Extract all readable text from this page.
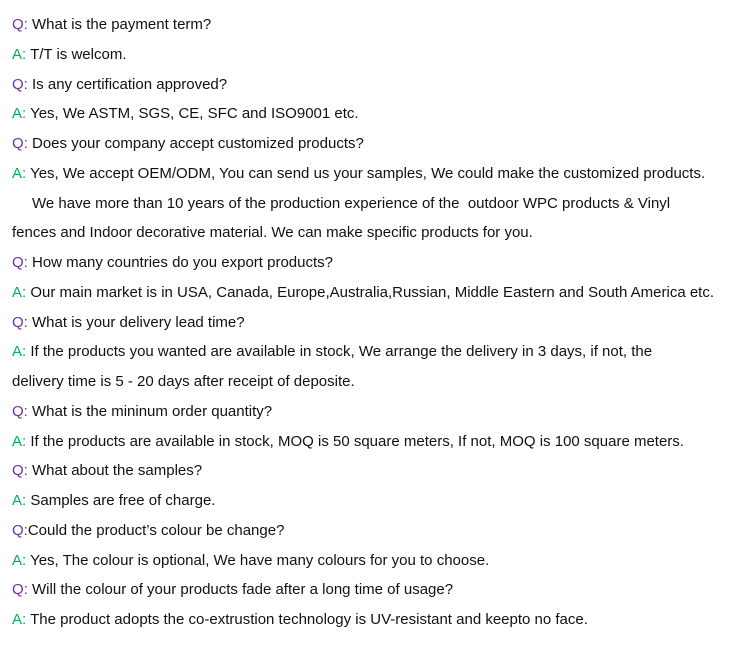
Q: What is the payment term?
A: T/T is welcom.
Q: Is any certification approved?
A: Yes, We ASTM, SGS, CE, SFC and ISO9001 etc.
Q: Does your company accept customized products?
A: Yes, We accept OEM/ODM, You can send us your samples, We could make the customized products.
We have more than 10 years of the production experience of the  outdoor WPC products & Vinyl
fences and Indoor decorative material. We can make specific products for you.
Q: How many countries do you export products?
A: Our main market is in USA, Canada, Europe,Australia,Russian, Middle Eastern and South America etc.
Q: What is your delivery lead time?
A: If the products you wanted are available in stock, We arrange the delivery in 3 days, if not, the
delivery time is 5 - 20 days after receipt of deposite.
Q: What is the mininum order quantity?
A: If the products are available in stock, MOQ is 50 square meters, If not, MOQ is 100 square meters.
Q: What about the samples?
A: Samples are free of charge.
Q:Could the product’s colour be change?
A: Yes, The colour is optional, We have many colours for you to choose.
Q: Will the colour of your products fade after a long time of usage?
A: The product adopts the co-extrustion technology is UV-resistant and keepto no face.
